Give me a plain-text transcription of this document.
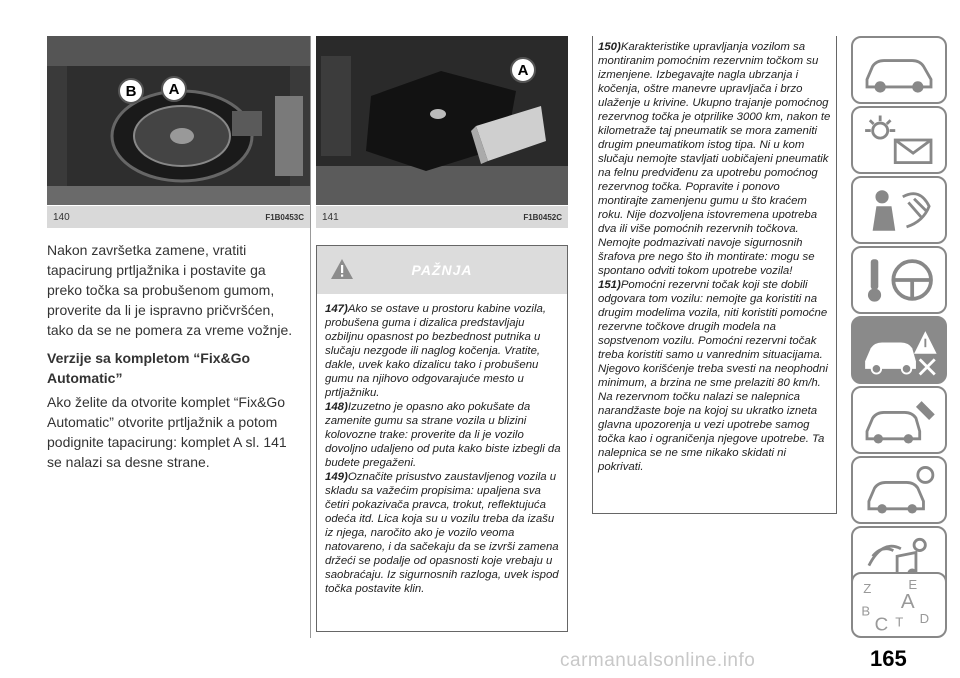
B	A
140	F1B0453C
A
141	F1B0452C
Nakon završetka zamene, vratiti tapacirung prtljažnika i postavite ga preko točka sa probušenom gumom, proverite da li je ispravno pričvršćen, tako da se ne pomera za vreme vožnje.
Verzije sa kompletom “Fix&Go Automatic”
Ako želite da otvorite komplet “Fix&Go Automatic” otvorite prtljažnik a potom podignite tapacirung: komplet A sl. 141 se nalazi sa desne strane.
PAŽNJA
147)Ako se ostave u prostoru kabine vozila, probušena guma i dizalica predstavljaju ozbiljnu opasnost po bezbednost putnika u slučaju nezgode ili naglog kočenja. Vratite, dakle, uvek kako dizalicu tako i probušenu gumu na njihovo odgovarajuće mesto u prtljažniku.
148)Izuzetno je opasno ako pokušate da zamenite gumu sa strane vozila u blizini kolovozne trake: proverite da li je vozilo dovoljno udaljeno od puta kako biste izbegli da budete pregaženi.
149)Označite prisustvo zaustavljenog vozila u skladu sa važećim propisima: upaljena sva četiri pokazivača pravca, trokut, reflektujuća odeća itd. Lica koja su u vozilu treba da izašu iz njega, naročito ako je vozilo veoma natovareno, i da sačekaju da se izvrši zamena držeći se podalje od opasnosti koje vrebaju u saobraćaju. Iz sigurnosnih razloga, uvek ispod točka postavite klin.
150)Karakteristike upravljanja vozilom sa montiranim pomoćnim rezervnim točkom su izmenjene. Izbegavajte nagla ubrzanja i kočenja, oštre manevre upravljača i brzo ulaženje u krivine. Ukupno trajanje pomoćnog rezervnog točka je otprilike 3000 km, nakon te kilometraže taj pneumatik se mora zameniti drugim pneumatikom istog tipa. Ni u kom slučaju nemojte stavljati uobičajeni pneumatik na felnu predviđenu za upotrebu pomoćnog rezervnog točka. Popravite i ponovo montirajte zamenjenu gumu u što kraćem roku. Nije dozvoljena istovremena upotreba dva ili više pomoćnih rezervnih točkova. Nemojte podmazivati navoje sigurnosnih šrafova pre nego što ih montirate: mogu se spontano odviti tokom upotrebe vozila!
151)Pomoćni rezervni točak koji ste dobili odgovara tom vozilu: nemojte ga koristiti na drugim modelima vozila, niti koristiti pomoćne rezervne točkove drugih modela na sopstvenom vozilu. Pomoćni rezervni točak treba koristiti samo u vanrednim situacijama. Njegovo korišćenje treba svesti na neophodni minimum, a brzina ne sme prelaziti 80 km/h. Na rezervnom točku nalazi se nalepnica narandžaste boje na kojoj su ukratko izneta glavna upozorenja u vezi upotrebe samog točka kao i ograničenja njegove upotrebe. Ta nalepnica se ne sme nikako skidati ni pokrivati.
Z	E
A
B
C T D
165
carmanualsonline.info
